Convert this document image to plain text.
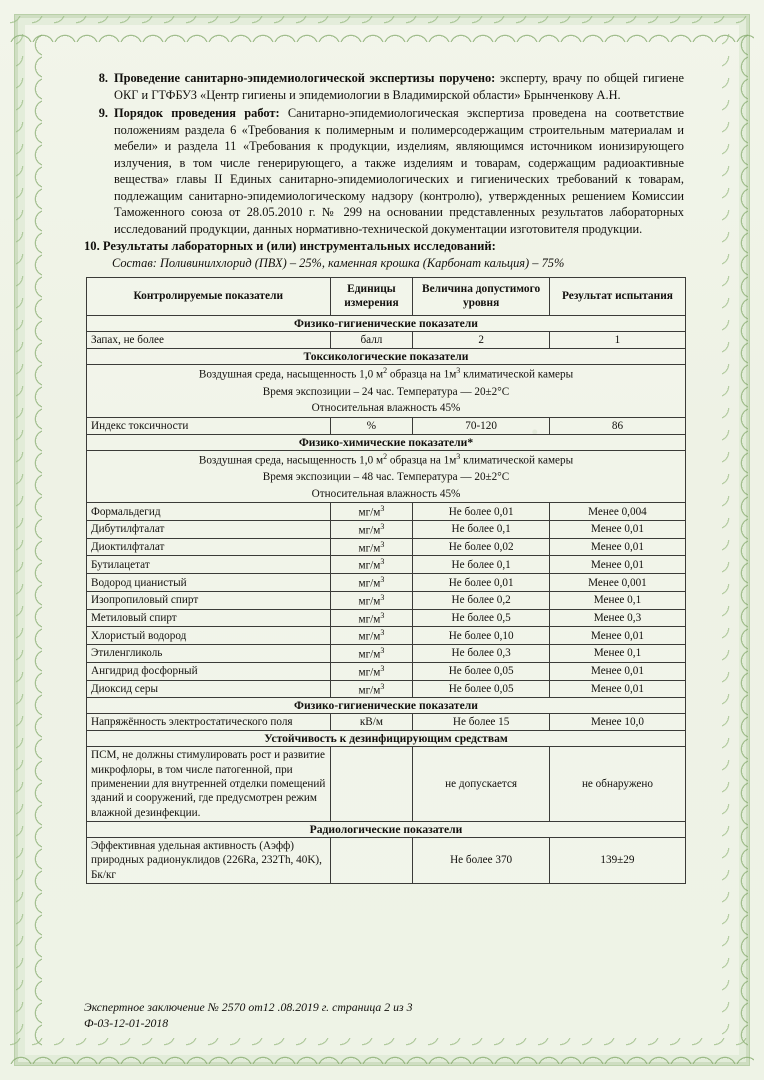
8. Проведение санитарно-эпидемиологической экспертизы поручено: эксперту, врачу по общей гигиене ОКГ и ГТФБУЗ «Центр гигиены и эпидемиологии в Владимирской области» Брынченкову А.Н.
9. Порядок проведения работ: Санитарно-эпидемиологическая экспертиза проведена на соответствие положениям раздела 6 «Требования к полимерным и полимерсодержащим строительным материалам и мебели» и раздела 11 «Требования к продукции, изделиям, являющимся источником ионизирующего излучения, в том числе генерирующего, а также изделиям и товарам, содержащим радиоактивные вещества» главы II Единых санитарно-эпидемиологических и гигиенических требований к товарам, подлежащим санитарно-эпидемиологическому надзору (контролю), утвержденных решением Комиссии Таможенного союза от 28.05.2010 г. № 299 на основании представленных результатов лабораторных исследований продукции, данных нормативно-технической документации изготовителя продукции.
10. Результаты лабораторных и (или) инструментальных исследований:
Состав: Поливинилхлорид (ПВХ) – 25%, каменная крошка (Карбонат кальция) – 75%
Контролируемые показатели	Единицы измерения	Величина допустимого уровня	Результат испытания
Физико-гигиенические показатели			
Запах, не более	балл	2	1
Токсикологические показатели			
Воздушная среда, насыщенность 1,0 $м^2$ образца на $1м^3$ климатической камеры			
Время экспозиции – 24 час. Температура — 20±2°С			
Относительная влажность 45%			
Индекс токсичности	%	70-120	86
Физико-химические показатели*			
Воздушная среда, насыщенность 1,0 $м^2$ образца на $1м^3$ климатической камеры			
Время экспозиции – 48 час. Температура — 20±2°С			
Относительная влажность 45%			
Формальдегид	$мг/м^3$	Не более 0,01	Менее 0,004
Дибутилфталат	$мг/м^3$	Не более 0,1	Менее 0,01
Диоктилфталат	$мг/м^3$	Не более 0,02	Менее 0,01
Бутилацетат	$мг/м^3$	Не более 0,1	Менее 0,01
Водород цианистый	$мг/м^3$	Не более 0,01	Менее 0,001
Изопропиловый спирт	$мг/м^3$	Не более 0,2	Менее 0,1
Метиловый спирт	$мг/м^3$	Не более 0,5	Менее 0,3
Хлористый водород	$мг/м^3$	Не более 0,10	Менее 0,01
Этиленгликоль	$мг/м^3$	Не более 0,3	Менее 0,1
Ангидрид фосфорный	$мг/м^3$	Не более 0,05	Менее 0,01
Диоксид серы	$мг/м^3$	Не более 0,05	Менее 0,01
Физико-гигиенические показатели			
Напряжённость электростатического поля	кВ/м	Не более 15	Менее 10,0
Устойчивость к дезинфицирующим средствам			
ПСМ, не должны стимулировать рост и развитие микрофлоры, в том числе патогенной, при применении для внутренней отделки помещений зданий и сооружений, где предусмотрен режим влажной дезинфекции.		не допускается	не обнаружено
Радиологические показатели			
Эффективная удельная активность (Аэфф) природных радионуклидов (226Ra, 232Th, 40K), Бк/кг		Не более 370	139±29
Экспертное заключение № 2570 от12 .08.2019 г. страница 2 из 3
Ф-03-12-01-2018
